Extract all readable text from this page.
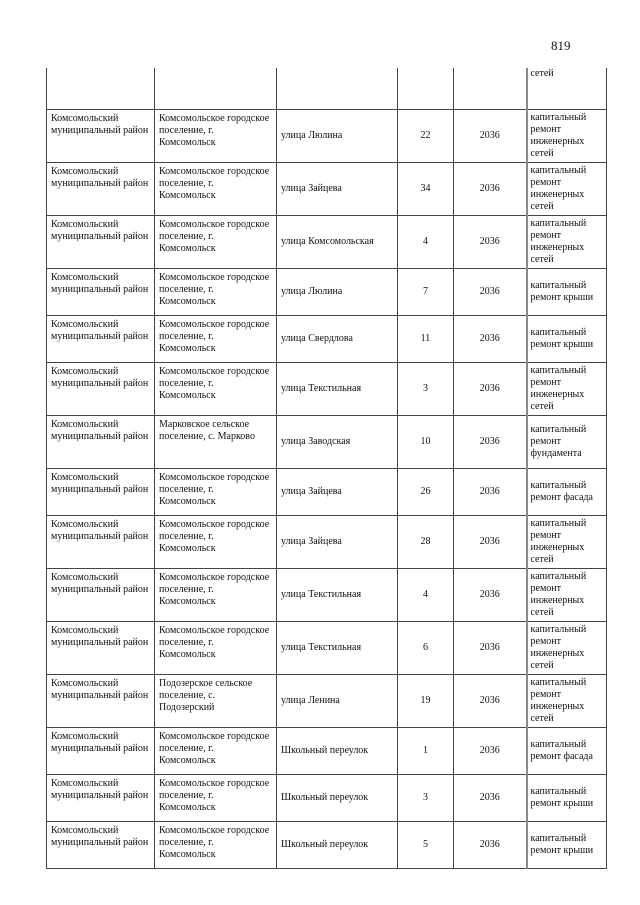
819
					сетей
Комсомольский муниципальный район	Комсомольское городское поселение, г. Комсомольск	улица Люлина	22	2036	капитальный ремонт инженерных сетей
Комсомольский муниципальный район	Комсомольское городское поселение, г. Комсомольск	улица Зайцева	34	2036	капитальный ремонт инженерных сетей
Комсомольский муниципальный район	Комсомольское городское поселение, г. Комсомольск	улица Комсомольская	4	2036	капитальный ремонт инженерных сетей
Комсомольский муниципальный район	Комсомольское городское поселение, г. Комсомольск	улица Люлина	7	2036	капитальный ремонт крыши
Комсомольский муниципальный район	Комсомольское городское поселение, г. Комсомольск	улица Свердлова	11	2036	капитальный ремонт крыши
Комсомольский муниципальный район	Комсомольское городское поселение, г. Комсомольск	улица Текстильная	3	2036	капитальный ремонт инженерных сетей
Комсомольский муниципальный район	Марковское сельское поселение, с. Марково	улица Заводская	10	2036	капитальный ремонт фундамента
Комсомольский муниципальный район	Комсомольское городское поселение, г. Комсомольск	улица Зайцева	26	2036	капитальный ремонт фасада
Комсомольский муниципальный район	Комсомольское городское поселение, г. Комсомольск	улица Зайцева	28	2036	капитальный ремонт инженерных сетей
Комсомольский муниципальный район	Комсомольское городское поселение, г. Комсомольск	улица Текстильная	4	2036	капитальный ремонт инженерных сетей
Комсомольский муниципальный район	Комсомольское городское поселение, г. Комсомольск	улица Текстильная	6	2036	капитальный ремонт инженерных сетей
Комсомольский муниципальный район	Подозерское сельское поселение, с. Подозерский	улица Ленина	19	2036	капитальный ремонт инженерных сетей
Комсомольский муниципальный район	Комсомольское городское поселение, г. Комсомольск	Школьный переулок	1	2036	капитальный ремонт фасада
Комсомольский муниципальный район	Комсомольское городское поселение, г. Комсомольск	Школьный переулок	3	2036	капитальный ремонт крыши
Комсомольский муниципальный район	Комсомольское городское поселение, г. Комсомольск	Школьный переулок	5	2036	капитальный ремонт крыши
